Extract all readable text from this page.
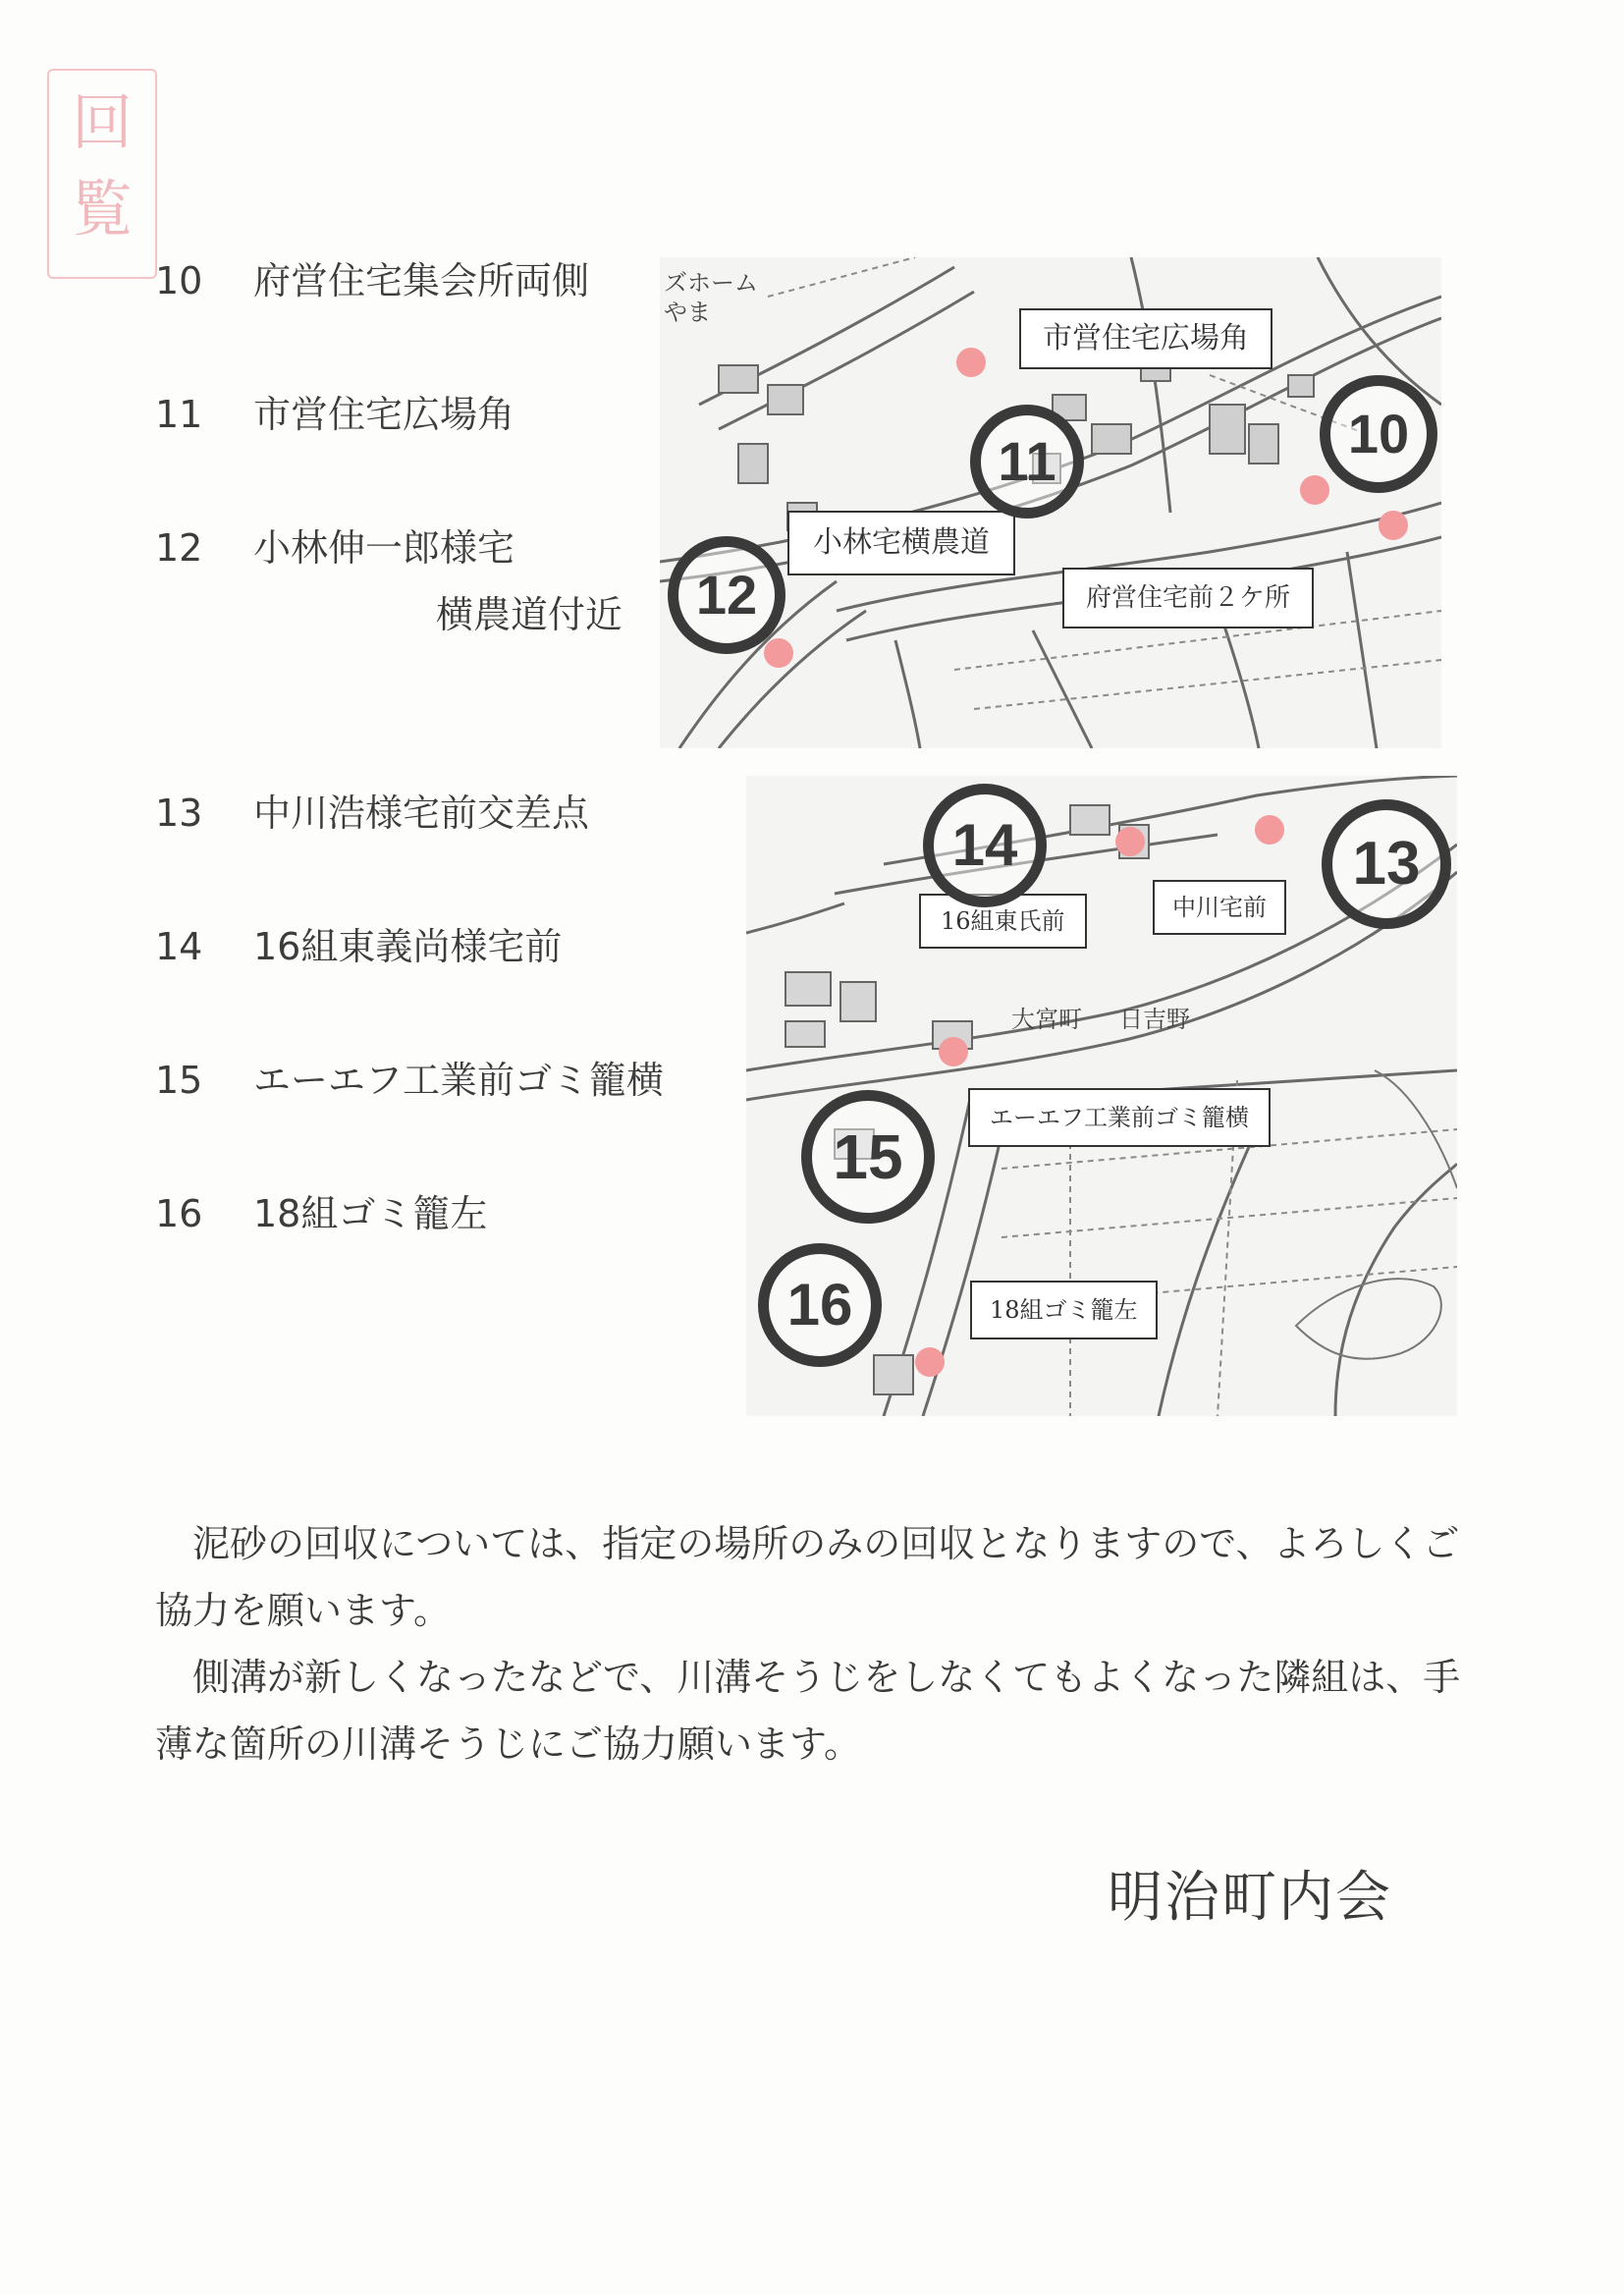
回
覧
10 府営住宅集会所両側
11 市営住宅広場角
12 小林伸一郎様宅
横農道付近
13 中川浩様宅前交差点
14 16組東義尚様宅前
15 エーエフ工業前ゴミ籠横
16 18組ゴミ籠左
ズホーム
やま
市営住宅広場角
小林宅横農道
府営住宅前２ケ所
11	10
12
大宮町 日吉野
16組東氏前	中川宅前
エーエフ工業前ゴミ籠横
18組ゴミ籠左
14	13
15
16

泥砂の回収については、指定の場所のみの回収となりますので、よろしくご協力を願います。

側溝が新しくなったなどで、川溝そうじをしなくてもよくなった隣組は、手薄な箇所の川溝そうじにご協力願います。

明治町内会
